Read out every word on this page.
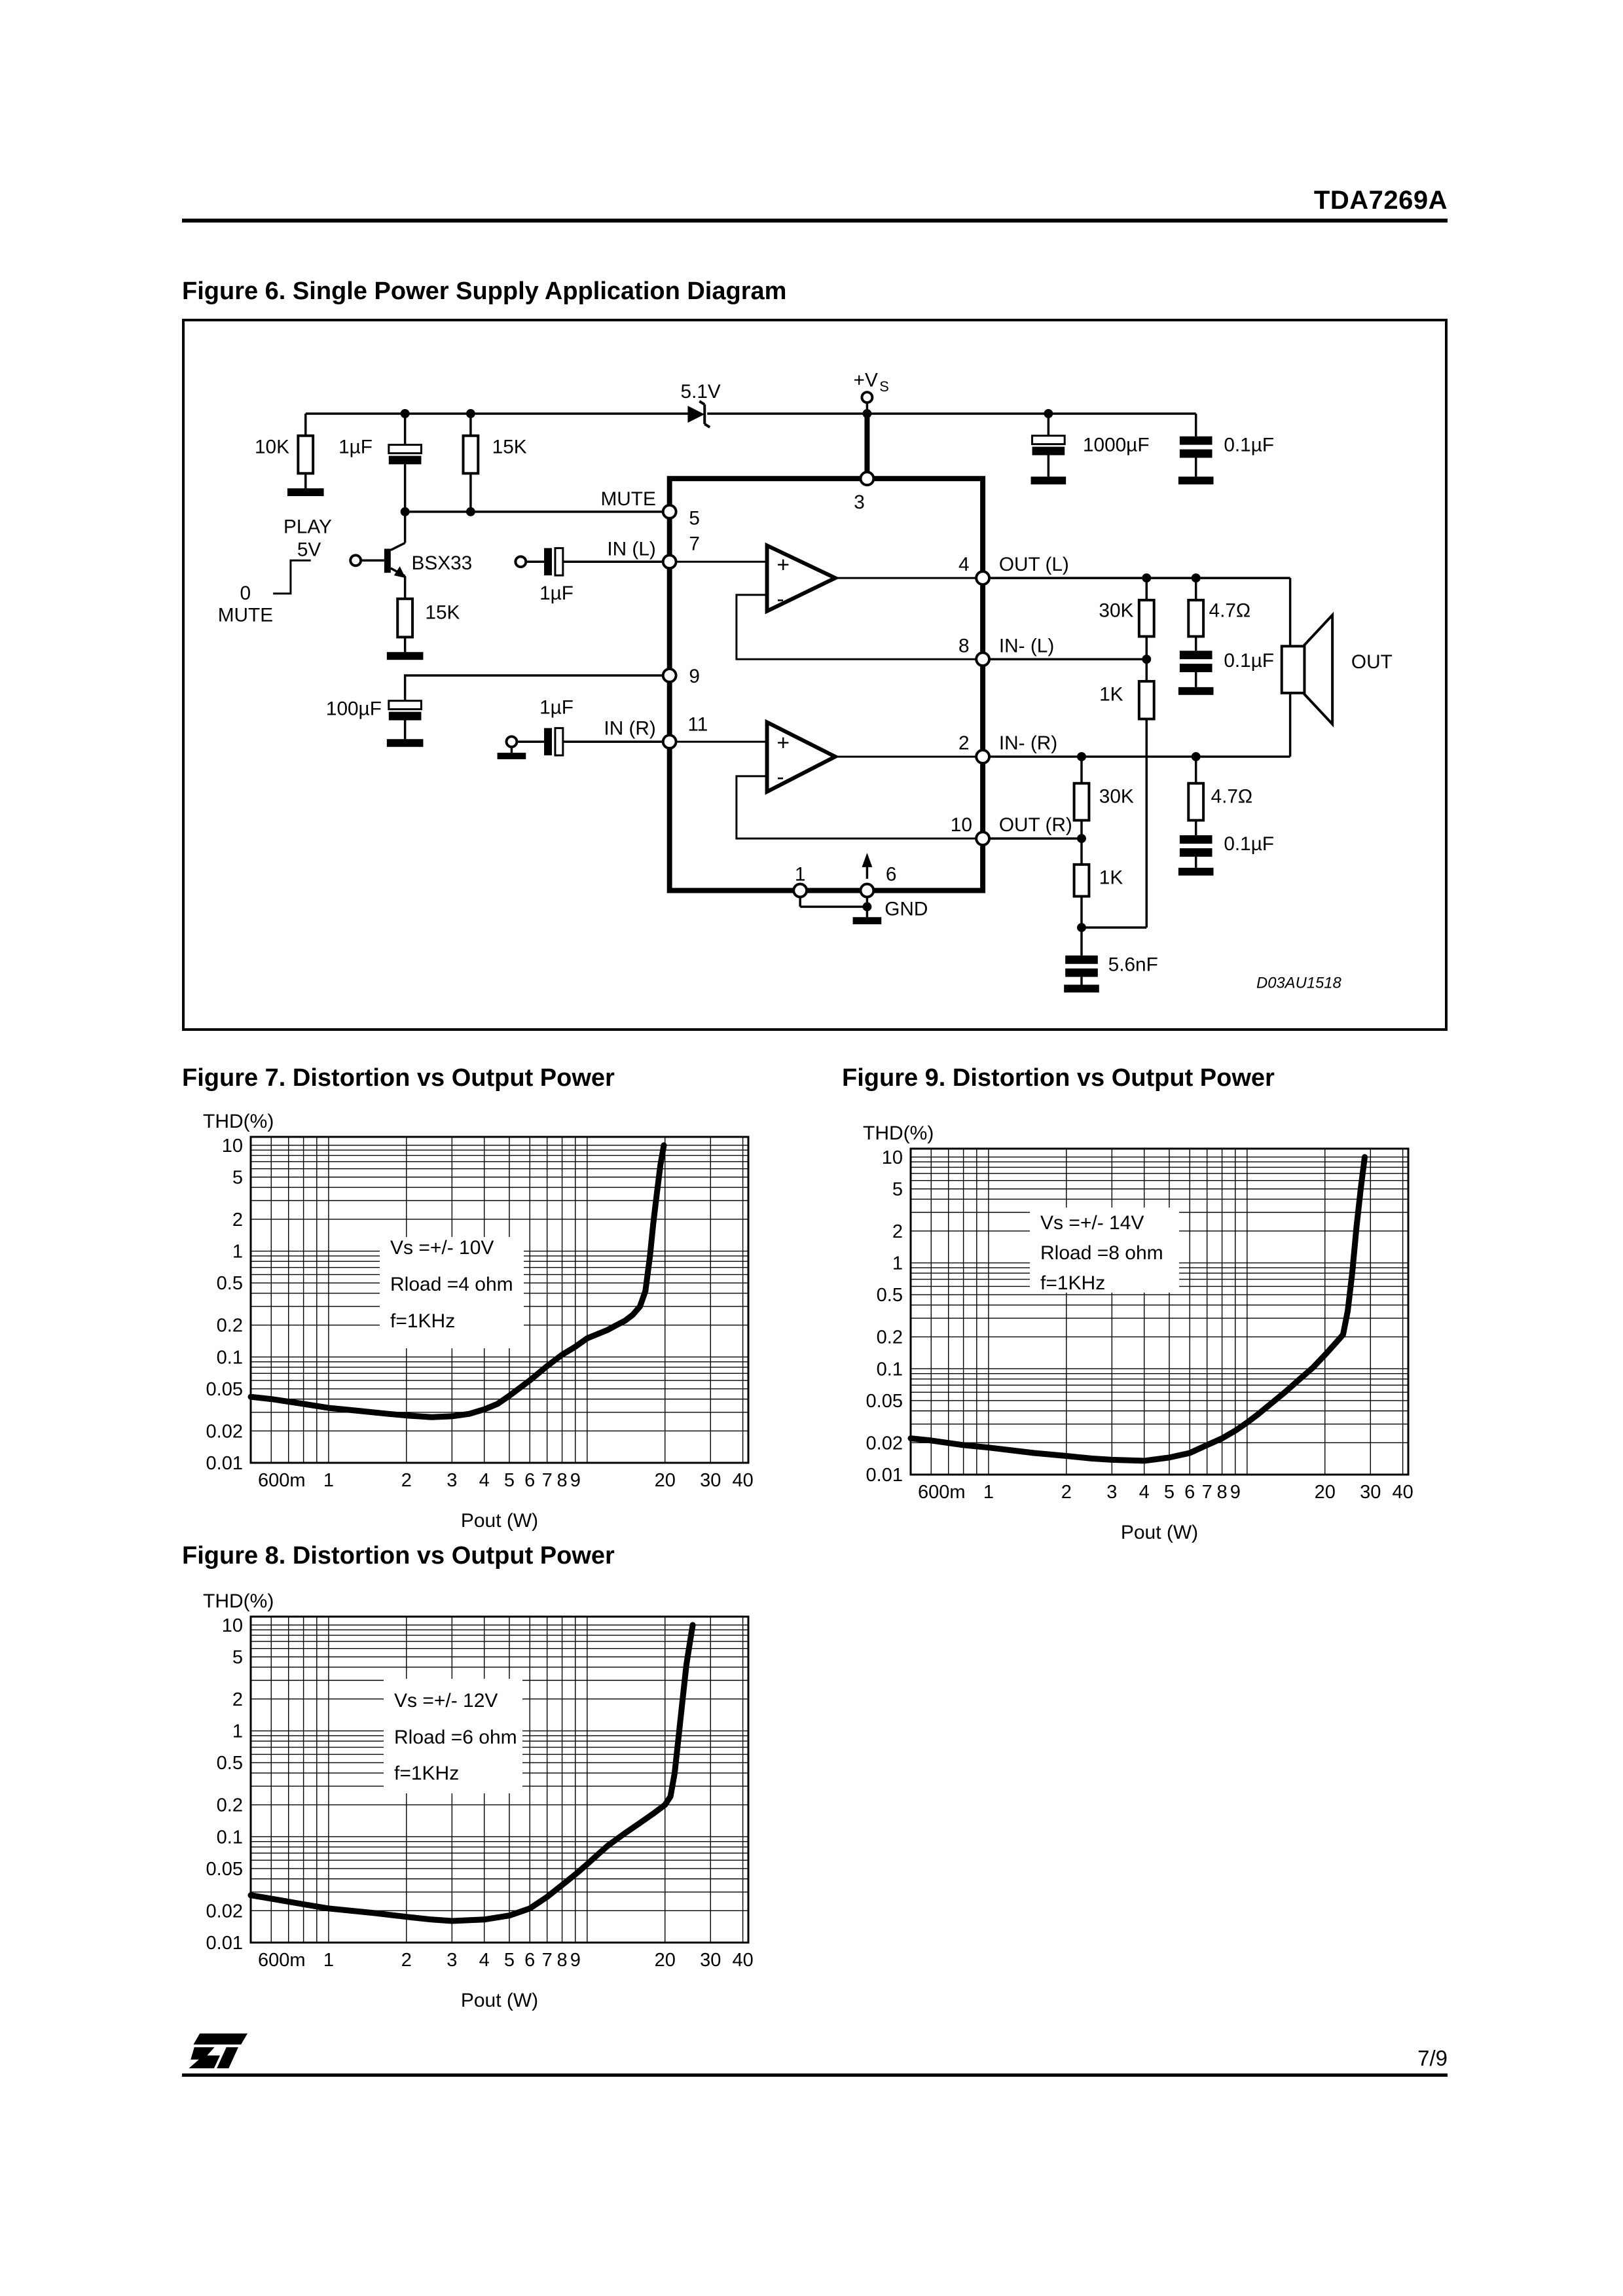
TDA7269A
Figure 6. Single Power Supply Application Diagram
10K	1µF	15K
5.1V
+V S
MUTE
1000µF	0.1µF
PLAY
5V
0
MUTE
BSX33
15K
100µF
1µF
IN (L)
1µF
IN (R)
5
7
9
11
3
1	6
GND
4 OUT (L)
8 IN- (L)
2 IN- (R)
10 OUT (R)
30K	4.7Ω
0.1µF
1K
30K	4.7Ω
0.1µF
1K
5.6nF
OUT
D03AU1518
+
-
+
-
Figure 7. Distortion vs Output Power	Figure 9. Distortion vs Output Power
Figure 8. Distortion vs Output Power
Vs =+/- 10V
Rload =4 ohm
f=1KHz
10
5
2
1
0.5
0.2
0.1
0.05
0.02
0.01
600m 1	2 3 4 5 6 7 8 9	20 30 40
THD(%)
Pout (W)
Vs =+/- 14V
Rload =8 ohm
f=1KHz
10
5
2
1
0.5
0.2
0.1
0.05
0.02
0.01
600m 1	2 3 4 5 6 7 8 9	20 30 40
THD(%)
Pout (W)
Vs =+/- 12V
Rload =6 ohm
f=1KHz
10
5
2
1
0.5
0.2
0.1
0.05
0.02
0.01
600m 1	2 3 4 5 6 7 8 9	20 30 40
THD(%)
Pout (W)
7/9
